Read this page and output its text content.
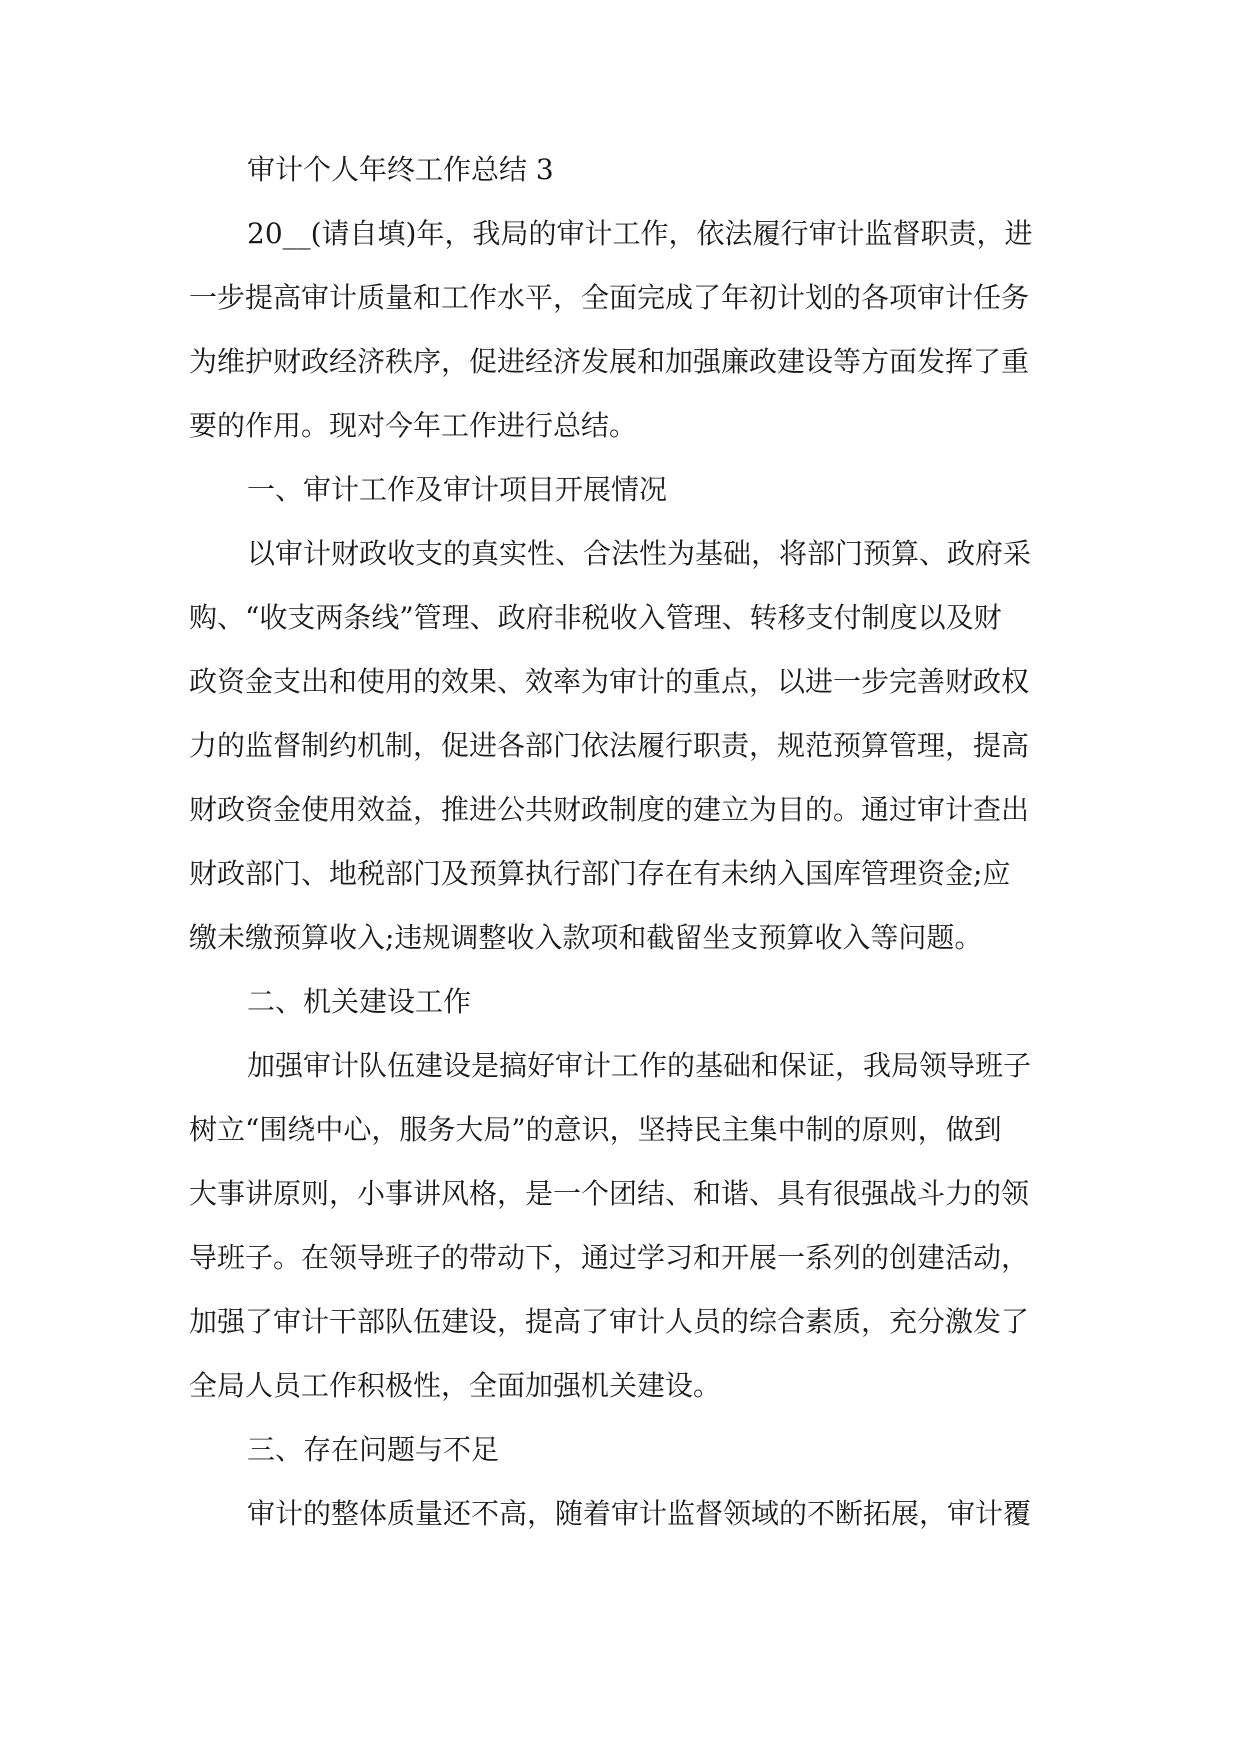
审计个人年终工作总结 3

20__(请自填)年，我局的审计工作，依法履行审计监督职责，进

一步提高审计质量和工作水平，全面完成了年初计划的各项审计任务

为维护财政经济秩序，促进经济发展和加强廉政建设等方面发挥了重

要的作用。现对今年工作进行总结。

一、审计工作及审计项目开展情况

以审计财政收支的真实性、合法性为基础，将部门预算、政府采

购、“收支两条线”管理、政府非税收入管理、转移支付制度以及财

政资金支出和使用的效果、效率为审计的重点，以进一步完善财政权

力的监督制约机制，促进各部门依法履行职责，规范预算管理，提高

财政资金使用效益，推进公共财政制度的建立为目的。通过审计查出

财政部门、地税部门及预算执行部门存在有未纳入国库管理资金;应

缴未缴预算收入;违规调整收入款项和截留坐支预算收入等问题。

二、机关建设工作

加强审计队伍建设是搞好审计工作的基础和保证，我局领导班子

树立“围绕中心，服务大局”的意识，坚持民主集中制的原则，做到

大事讲原则，小事讲风格，是一个团结、和谐、具有很强战斗力的领

导班子。在领导班子的带动下，通过学习和开展一系列的创建活动，

加强了审计干部队伍建设，提高了审计人员的综合素质，充分激发了

全局人员工作积极性，全面加强机关建设。

三、存在问题与不足

审计的整体质量还不高，随着审计监督领域的不断拓展，审计覆
